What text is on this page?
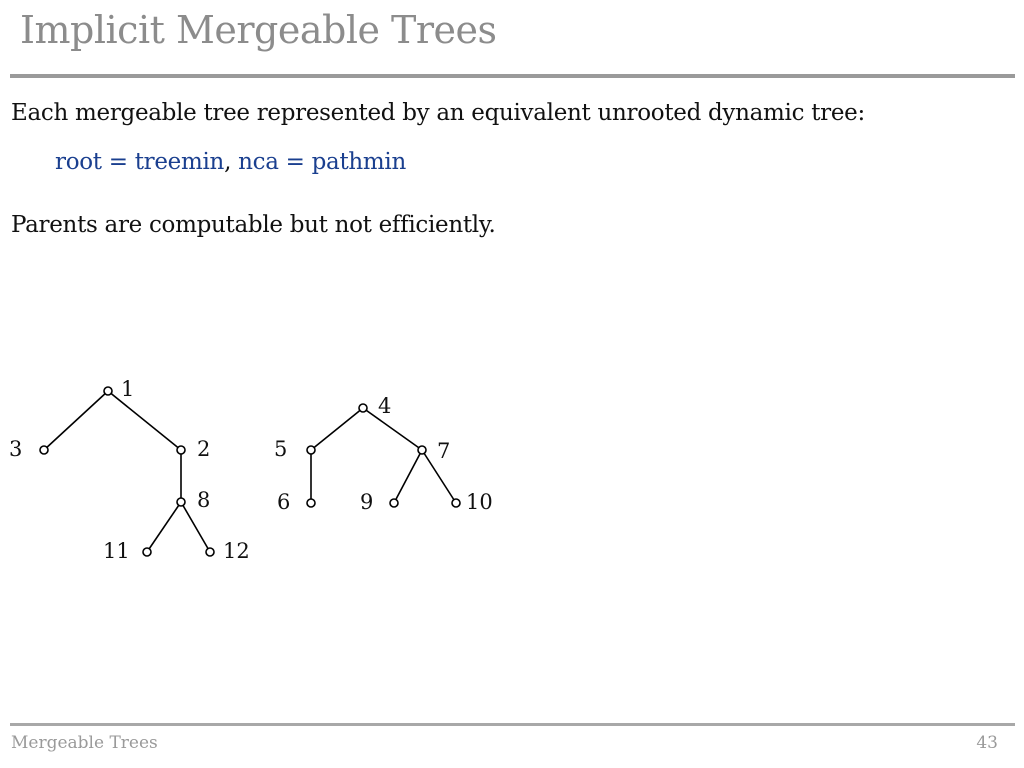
Implicit Mergeable Trees
Each mergeable tree represented by an equivalent unrooted dynamic tree:
root = treemin, nca = pathmin
Parents are computable but not efficiently.
1
2
3
8
11	12
4
5	7
6	9	10
Mergeable Trees	43
